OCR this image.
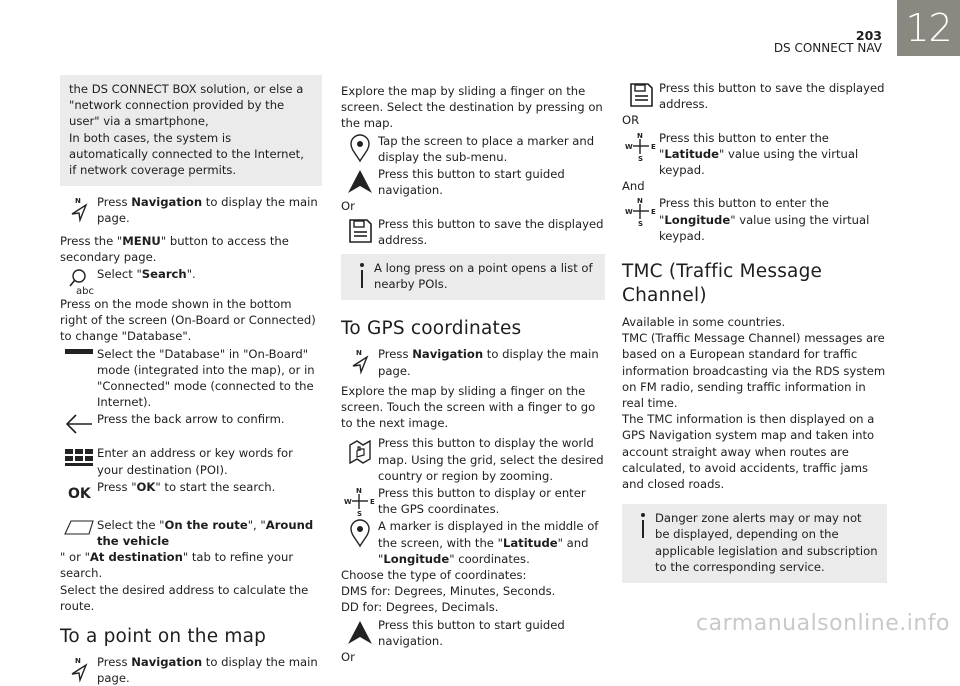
203
DS CONNECT NAV 12

the DS CONNECT BOX solution, or else a "network connection provided by the user" via a smartphone,

In both cases, the system is automatically connected to the Internet, if network coverage permits.

N Press Navigation to display the main page.

Press the "MENU" button to access the secondary page.

abc

Select "Search".

Press on the mode shown in the bottom right of the screen (On-Board or Connected) to change "Database".

Select the "Database" in "On-Board" mode (integrated into the map), or in "Connected" mode (connected to the Internet).

Press the back arrow to confirm.

Enter an address or key words for your destination (POI).

OK Press "OK" to start the search.

Select the "On the route", "Around the vehicle

" or "At destination" tab to refine your search.

Select the desired address to calculate the route.

To a point on the map
N Press Navigation to display the main page.

Explore the map by sliding a finger on the screen. Select the destination by pressing on the map.

Tap the screen to place a marker and display the sub-menu.

Press this button to start guided navigation.

Or

Press this button to save the displayed address.

A long press on a point opens a list of nearby POIs.

To GPS coordinates
N Press Navigation to display the main page.

Explore the map by sliding a finger on the screen. Touch the screen with a finger to go to the next image.

Press this button to display the world map. Using the grid, select the desired country or region by zooming.

N
W	E
S

Press this button to display or enter the GPS coordinates.

A marker is displayed in the middle of the screen, with the "Latitude" and "Longitude" coordinates.

Choose the type of coordinates:

DMS for: Degrees, Minutes, Seconds.

DD for: Degrees, Decimals.

Press this button to start guided navigation.

Or

Press this button to save the displayed address.

OR

N
W	E
S

Press this button to enter the "Latitude" value using the virtual keypad.

And

N
W	E
S

Press this button to enter the "Longitude" value using the virtual keypad.

TMC (Traffic Message Channel)

Available in some countries.

TMC (Traffic Message Channel) messages are based on a European standard for traffic information broadcasting via the RDS system on FM radio, sending traffic information in real time.

The TMC information is then displayed on a GPS Navigation system map and taken into account straight away when routes are calculated, to avoid accidents, traffic jams and closed roads.

Danger zone alerts may or may not be displayed, depending on the applicable legislation and subscription to the corresponding service.

carmanualsonline.info
